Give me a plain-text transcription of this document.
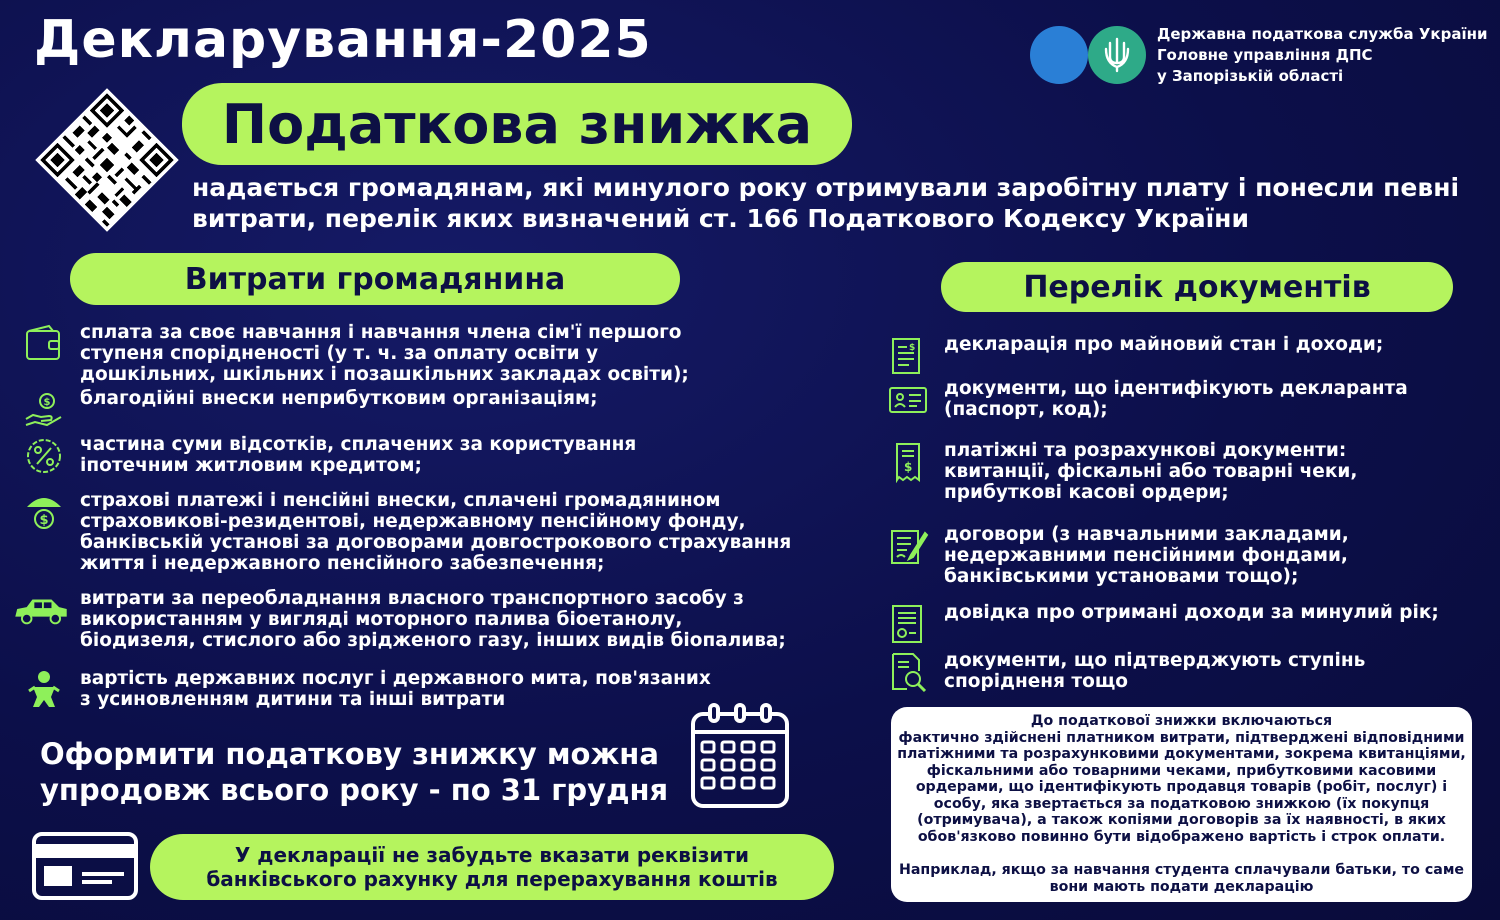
Декларування-2025	Державна податкова служба України
Головне управління ДПС
у Запорізькій області
Податкова знижка
надається громадянам, які минулого року отримували заробітну плату і понесли певні витрати, перелік яких визначений ст. 166 Податкового Кодексу України
Витрати громадянина
сплата за своє навчання і навчання члена сім'ї першого ступеня спорідненості (у т. ч. за оплату освіти у дошкільних, шкільних і позашкільних закладах освіти);
$ благодійні внески неприбутковим організаціям;
частина суми відсотків, сплачених за користування іпотечним житловим кредитом;
$
страхові платежі і пенсійні внески, сплачені громадянином страховикові-резидентові, недержавному пенсійному фонду, банківській установі за договорами довгострокового страхування життя і недержавного пенсійного забезпечення;
витрати за переобладнання власного транспортного засобу з використанням у вигляді моторного палива біоетанолу, біодизеля, стислого або зрідженого газу, інших видів біопалива;
вартість державних послуг і державного мита, пов'язаних з усиновленням дитини та інші витрати
Перелік документів
$ декларація про майновий стан і доходи;
документи, що ідентифікують декларанта (паспорт, код);
$
платіжні та розрахункові документи: квитанції, фіскальні або товарні чеки, прибуткові касові ордери;
договори (з навчальними закладами, недержавними пенсійними фондами, банківськими установами тощо);
довідка про отримані доходи за минулий рік;
документи, що підтверджують ступінь спорідненя тощо
Оформити податкову знижку можна
упродовж всього року - по 31 грудня
У декларації не забудьте вказати реквізити
банківського рахунку для перерахування коштів

До податкової знижки включаються

фактично здійснені платником витрати, підтверджені відповідними платіжними та розрахунковими документами, зокрема квитанціями, фіскальними або товарними чеками, прибутковими касовими ордерами, що ідентифікують продавця товарів (робіт, послуг) і особу, яка звертається за податковою знижкою (їх покупця (отримувача), а також копіями договорів за їх наявності, в яких обов'язково повинно бути відображено вартість і строк оплати.

Наприклад, якщо за навчання студента сплачували батьки, то саме вони мають подати декларацію
